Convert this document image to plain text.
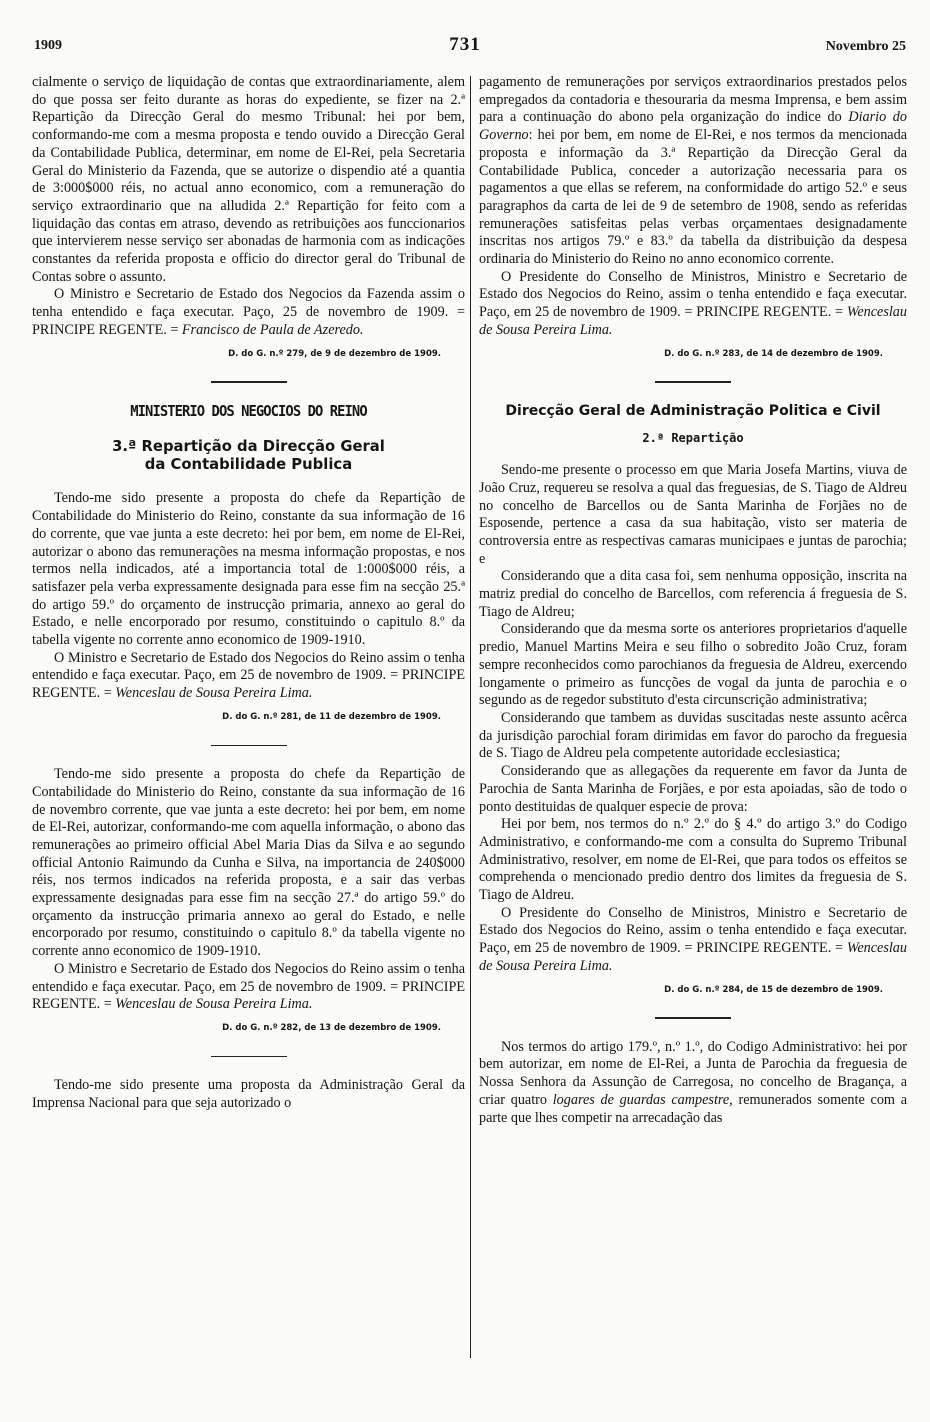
1909	731	Novembro 25

cialmente o serviço de liquidação de contas que extraordinariamente, alem do que possa ser feito durante as horas do expediente, se fizer na 2.ª Repartição da Direcção Geral do mesmo Tribunal: hei por bem, conformando-me com a mesma proposta e tendo ouvido a Direcção Geral da Contabilidade Publica, determinar, em nome de El-Rei, pela Secretaria Geral do Ministerio da Fazenda, que se autorize o dispendio até a quantia de 3:000$000 réis, no actual anno economico, com a remuneração do serviço extraordinario que na alludida 2.ª Repartição for feito com a liquidação das contas em atraso, devendo as retribuições aos funccionarios que intervierem nesse serviço ser abonadas de harmonia com as indicações constantes da referida proposta e officio do director geral do Tribunal de Contas sobre o assunto.

O Ministro e Secretario de Estado dos Negocios da Fazenda assim o tenha entendido e faça executar. Paço, 25 de novembro de 1909. = PRINCIPE REGENTE. = Francisco de Paula de Azeredo.

D. do G. n.º 279, de 9 de dezembro de 1909.

MINISTERIO DOS NEGOCIOS DO REINO
3.ª Repartição da Direcção Geral
da Contabilidade Publica

Tendo-me sido presente a proposta do chefe da Repartição de Contabilidade do Ministerio do Reino, constante da sua informação de 16 do corrente, que vae junta a este decreto: hei por bem, em nome de El-Rei, autorizar o abono das remunerações na mesma informação propostas, e nos termos nella indicados, até a importancia total de 1:000$000 réis, a satisfazer pela verba expressamente designada para esse fim na secção 25.ª do artigo 59.º do orçamento de instrucção primaria, annexo ao geral do Estado, e nelle encorporado por resumo, constituindo o capitulo 8.º da tabella vigente no corrente anno economico de 1909-1910.

O Ministro e Secretario de Estado dos Negocios do Reino assim o tenha entendido e faça executar. Paço, em 25 de novembro de 1909. = PRINCIPE REGENTE. = Wenceslau de Sousa Pereira Lima.

D. do G. n.º 281, de 11 de dezembro de 1909.

Tendo-me sido presente a proposta do chefe da Repartição de Contabilidade do Ministerio do Reino, constante da sua informação de 16 de novembro corrente, que vae junta a este decreto: hei por bem, em nome de El-Rei, autorizar, conformando-me com aquella informação, o abono das remunerações ao primeiro official Abel Maria Dias da Silva e ao segundo official Antonio Raimundo da Cunha e Silva, na importancia de 240$000 réis, nos termos indicados na referida proposta, e a sair das verbas expressamente designadas para esse fim na secção 27.ª do artigo 59.º do orçamento da instrucção primaria annexo ao geral do Estado, e nelle encorporado por resumo, constituindo o capitulo 8.º da tabella vigente no corrente anno economico de 1909-1910.

O Ministro e Secretario de Estado dos Negocios do Reino assim o tenha entendido e faça executar. Paço, em 25 de novembro de 1909. = PRINCIPE REGENTE. = Wenceslau de Sousa Pereira Lima.

D. do G. n.º 282, de 13 de dezembro de 1909.

Tendo-me sido presente uma proposta da Administração Geral da Imprensa Nacional para que seja autorizado o

pagamento de remunerações por serviços extraordinarios prestados pelos empregados da contadoria e thesouraria da mesma Imprensa, e bem assim para a continuação do abono pela organização do indice do Diario do Governo: hei por bem, em nome de El-Rei, e nos termos da mencionada proposta e informação da 3.ª Repartição da Direcção Geral da Contabilidade Publica, conceder a autorização necessaria para os pagamentos a que ellas se referem, na conformidade do artigo 52.º e seus paragraphos da carta de lei de 9 de setembro de 1908, sendo as referidas remunerações satisfeitas pelas verbas orçamentaes designadamente inscritas nos artigos 79.º e 83.º da tabella da distribuição da despesa ordinaria do Ministerio do Reino no anno economico corrente.

O Presidente do Conselho de Ministros, Ministro e Secretario de Estado dos Negocios do Reino, assim o tenha entendido e faça executar. Paço, em 25 de novembro de 1909. = PRINCIPE REGENTE. = Wenceslau de Sousa Pereira Lima.

D. do G. n.º 283, de 14 de dezembro de 1909.

Direcção Geral de Administração Politica e Civil
2.ª Repartição

Sendo-me presente o processo em que Maria Josefa Martins, viuva de João Cruz, requereu se resolva a qual das freguesias, de S. Tiago de Aldreu no concelho de Barcellos ou de Santa Marinha de Forjães no de Esposende, pertence a casa da sua habitação, visto ser materia de controversia entre as respectivas camaras municipaes e juntas de parochia; e

Considerando que a dita casa foi, sem nenhuma opposição, inscrita na matriz predial do concelho de Barcellos, com referencia á freguesia de S. Tiago de Aldreu;

Considerando que da mesma sorte os anteriores proprietarios d'aquelle predio, Manuel Martins Meira e seu filho o sobredito João Cruz, foram sempre reconhecidos como parochianos da freguesia de Aldreu, exercendo longamente o primeiro as funcções de vogal da junta de parochia e o segundo as de regedor substituto d'esta circunscrição administrativa;

Considerando que tambem as duvidas suscitadas neste assunto acêrca da jurisdição parochial foram dirimidas em favor do parocho da freguesia de S. Tiago de Aldreu pela competente autoridade ecclesiastica;

Considerando que as allegações da requerente em favor da Junta de Parochia de Santa Marinha de Forjães, e por esta apoiadas, são de todo o ponto destituidas de qualquer especie de prova:

Hei por bem, nos termos do n.º 2.º do § 4.º do artigo 3.º do Codigo Administrativo, e conformando-me com a consulta do Supremo Tribunal Administrativo, resolver, em nome de El-Rei, que para todos os effeitos se comprehenda o mencionado predio dentro dos limites da freguesia de S. Tiago de Aldreu.

O Presidente do Conselho de Ministros, Ministro e Secretario de Estado dos Negocios do Reino, assim o tenha entendido e faça executar. Paço, em 25 de novembro de 1909. = PRINCIPE REGENTE. = Wenceslau de Sousa Pereira Lima.

D. do G. n.º 284, de 15 de dezembro de 1909.

Nos termos do artigo 179.º, n.º 1.º, do Codigo Administrativo: hei por bem autorizar, em nome de El-Rei, a Junta de Parochia da freguesia de Nossa Senhora da Assunção de Carregosa, no concelho de Bragança, a criar quatro logares de guardas campestre, remunerados somente com a parte que lhes competir na arrecadação das
